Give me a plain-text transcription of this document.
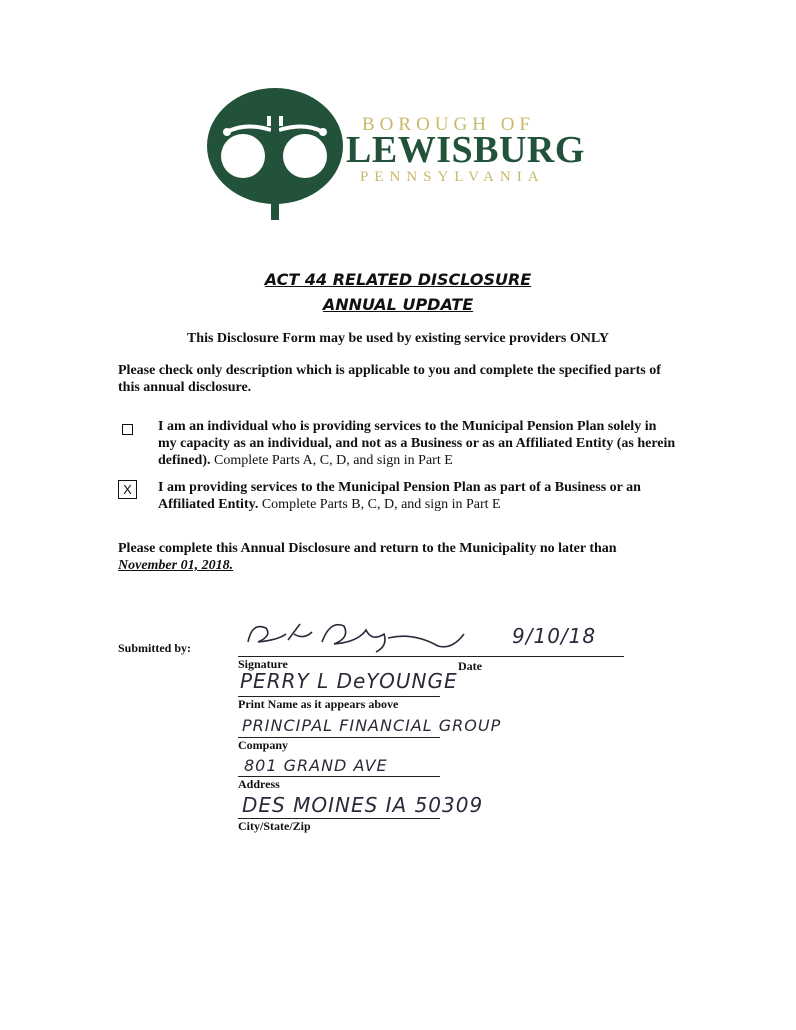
BOROUGH OF
LEWISBURG
PENNSYLVANIA
ACT 44 RELATED DISCLOSURE
ANNUAL UPDATE
This Disclosure Form may be used by existing service providers ONLY
Please check only description which is applicable to you and complete the specified parts of this annual disclosure.
I am an individual who is providing services to the Municipal Pension Plan solely in my capacity as an individual, and not as a Business or as an Affiliated Entity (as herein defined). Complete Parts A, C, D, and sign in Part E
X	I am providing services to the Municipal Pension Plan as part of a Business or an Affiliated Entity. Complete Parts B, C, D, and sign in Part E
Please complete this Annual Disclosure and return to the Municipality no later than
November 01, 2018.
Submitted by:	9/10/18
Signature	Date
PERRY L DeYOUNGE
Print Name as it appears above
PRINCIPAL FINANCIAL GROUP
Company
801 GRAND AVE
Address
DES MOINES IA 50309
City/State/Zip
